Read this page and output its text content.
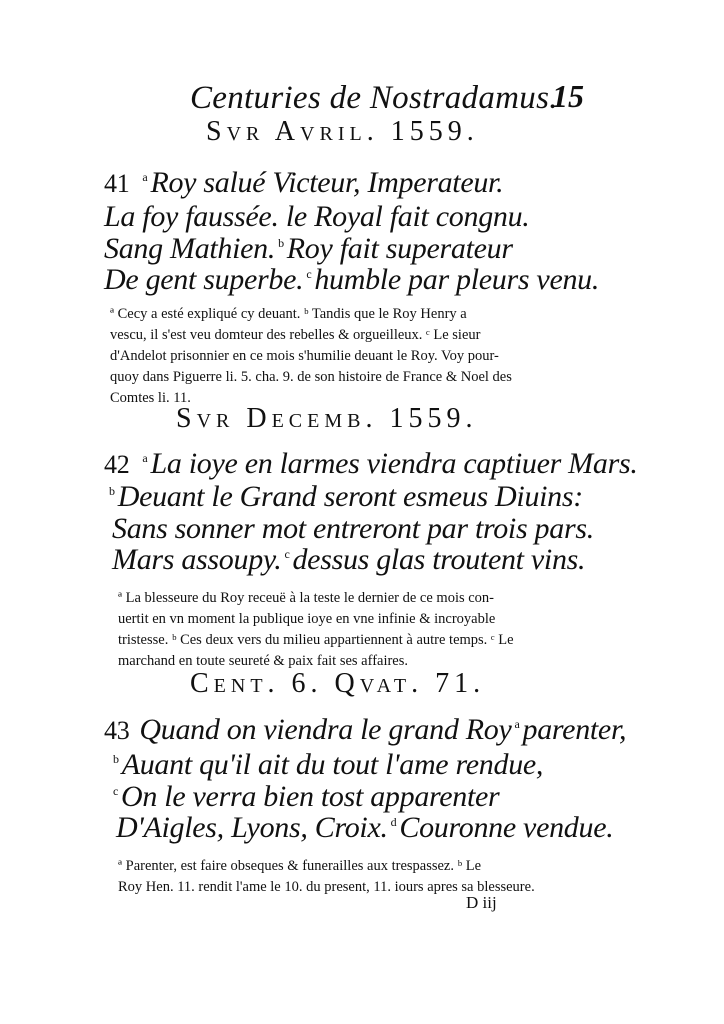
Centuries de Nostradamus.
15
Svr Avril. 1559.
41 $^a$ Roy salué Victeur, Imperateur.
La foy faussée. le Royal fait congnu.
Sang Mathien. $^b$ Roy fait superateur
De gent superbe. $^c$ humble par pleurs venu.
ª Cecy a esté expliqué cy deuant. ᵇ Tandis que le Roy Henry a
vescu, il s'est veu domteur des rebelles & orgueilleux. ᶜ Le sieur
d'Andelot prisonnier en ce mois s'humilie deuant le Roy. Voy pour-
quoy dans Piguerre li. 5. cha. 9. de son histoire de France & Noel des
Comtes li. 11.
Svr Decemb. 1559.
42 $^a$ La ioye en larmes viendra captiuer Mars.
$^b$ Deuant le Grand seront esmeus Diuins:
Sans sonner mot entreront par trois pars.
Mars assoupy. $^c$ dessus glas troutent vins.
ª La blesseure du Roy receuë à la teste le dernier de ce mois con-
uertit en vn moment la publique ioye en vne infinie & incroyable
tristesse. ᵇ Ces deux vers du milieu appartiennent à autre temps. ᶜ Le
marchand en toute seureté & paix fait ses affaires.
Cent. 6. Qvat. 71.
43 Quand on viendra le grand Roy $^a$ parenter,
$^b$ Auant qu'il ait du tout l'ame rendue,
$^c$ On le verra bien tost apparenter
D'Aigles, Lyons, Croix. $^d$ Couronne vendue.
ª Parenter, est faire obseques & funerailles aux trespassez. ᵇ Le
Roy Hen. 11. rendit l'ame le 10. du present, 11. iours apres sa blesseure.
D iij
